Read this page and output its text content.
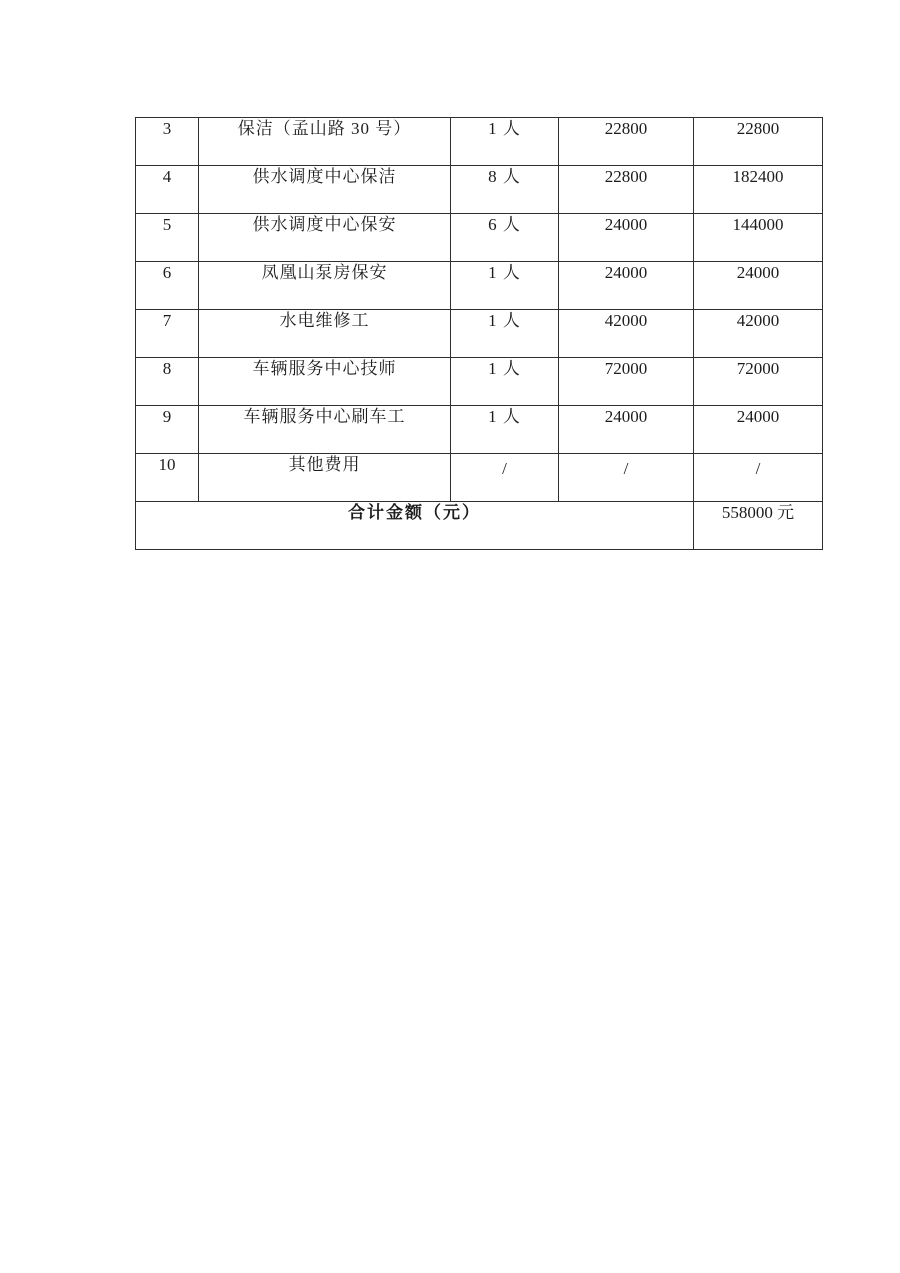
3	保洁（孟山路 30 号）	1 人	22800	22800
4	供水调度中心保洁	8 人	22800	182400
5	供水调度中心保安	6 人	24000	144000
6	凤凰山泵房保安	1 人	24000	24000
7	水电维修工	1 人	42000	42000
8	车辆服务中心技师	1 人	72000	72000
9	车辆服务中心刷车工	1 人	24000	24000
10	其他费用	/	/	/
合计金额（元）				558000 元
